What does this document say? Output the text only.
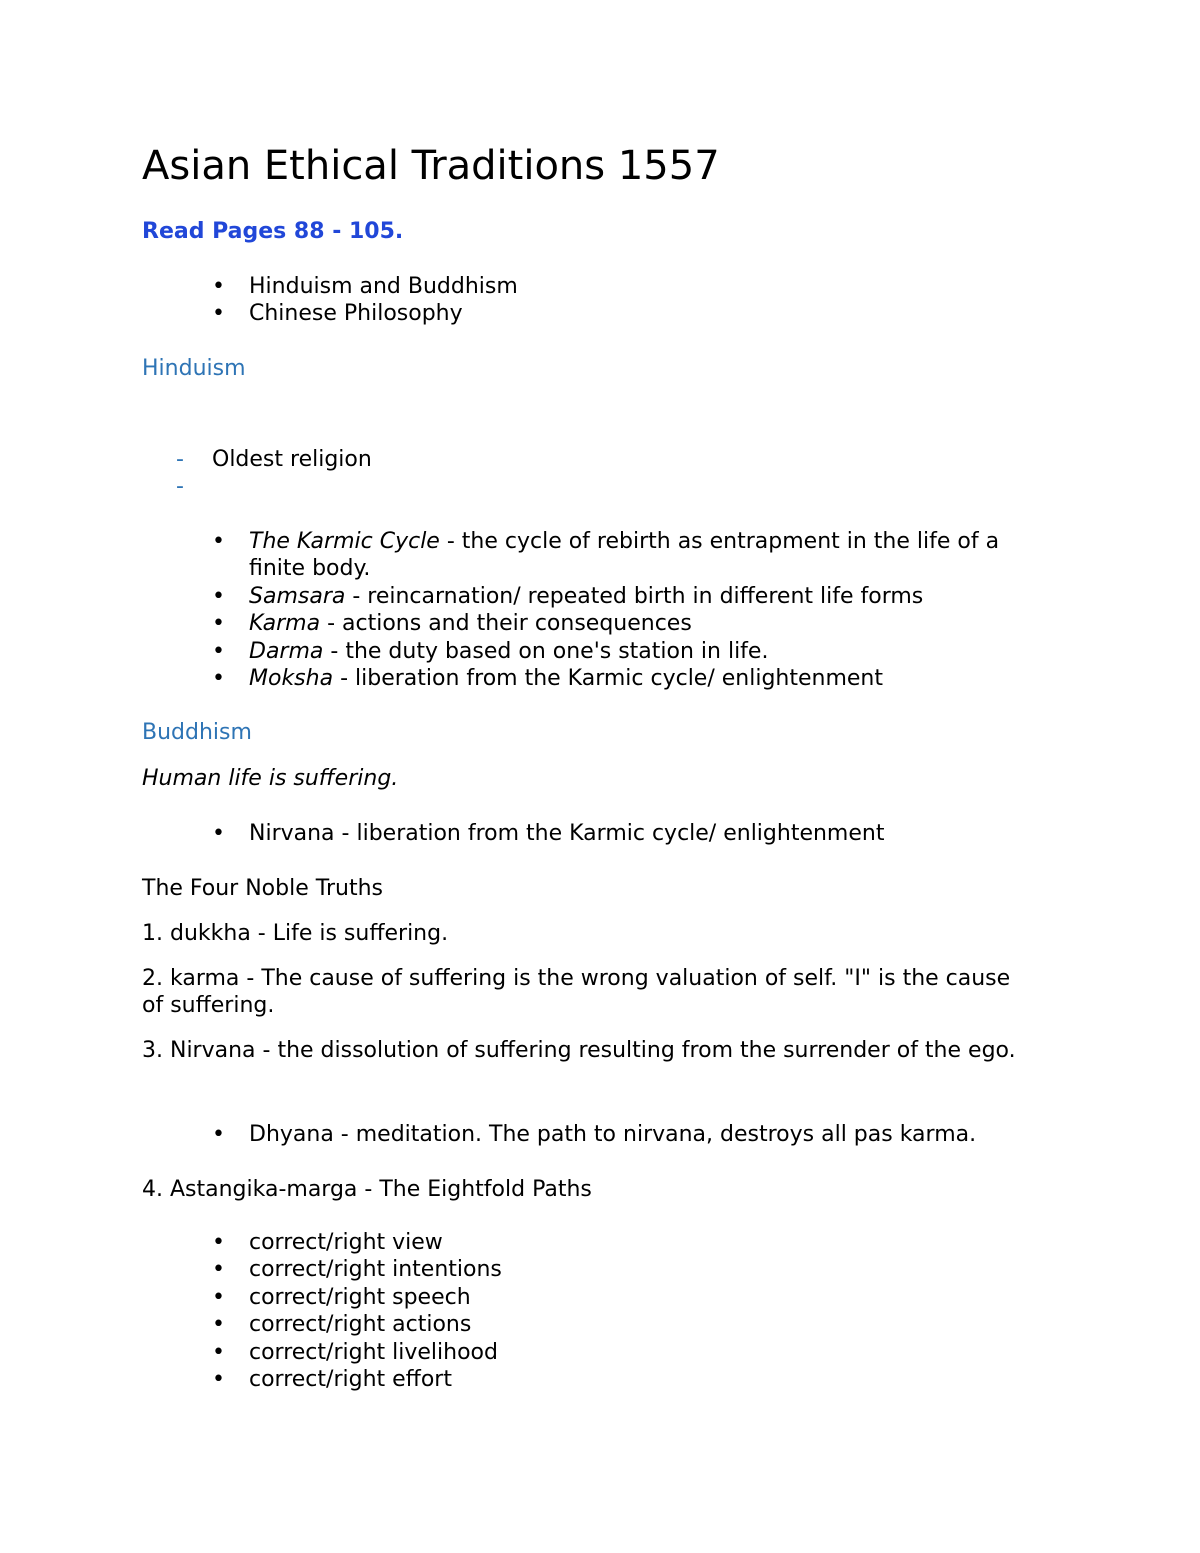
Asian Ethical Traditions 1557

Read Pages 88 - 105.

• Hinduism and Buddhism
• Chinese Philosophy
Hinduism
- Oldest religion
-
• The Karmic Cycle - the cycle of rebirth as entrapment in the life of a finite body.
• Samsara - reincarnation/ repeated birth in different life forms
• Karma - actions and their consequences
• Darma - the duty based on one's station in life.
• Moksha - liberation from the Karmic cycle/ enlightenment
Buddhism

Human life is suffering.

• Nirvana - liberation from the Karmic cycle/ enlightenment

The Four Noble Truths

1. dukkha - Life is suffering.

2. karma - The cause of suffering is the wrong valuation of self. "I" is the cause of suffering.

3. Nirvana - the dissolution of suffering resulting from the surrender of the ego.

• Dhyana - meditation. The path to nirvana, destroys all pas karma.

4. Astangika-marga - The Eightfold Paths

• correct/right view
• correct/right intentions
• correct/right speech
• correct/right actions
• correct/right livelihood
• correct/right effort
